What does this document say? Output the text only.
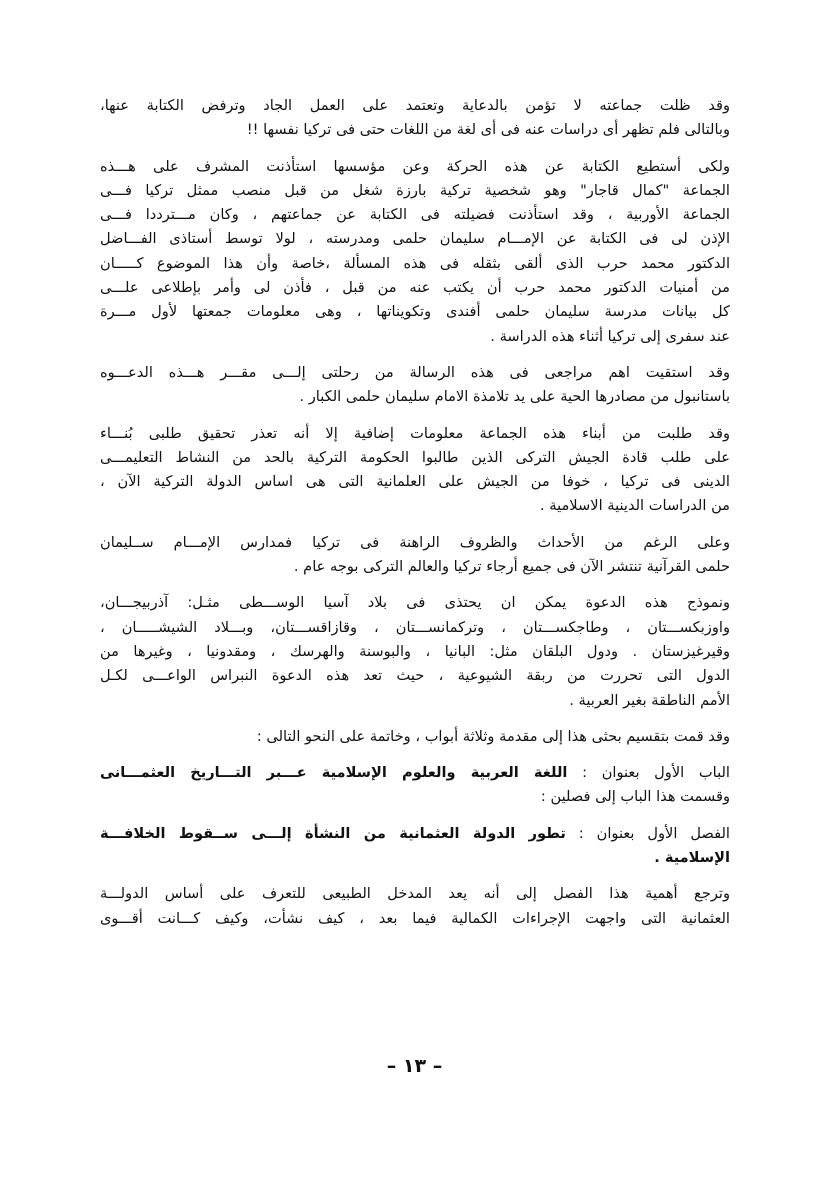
وقد ظلت جماعته لا تؤمن بالدعاية وتعتمد على العمل الجاد وترفض الكتابة عنها،
وبالتالى فلم تظهر أى دراسات عنه فى أى لغة من اللغات حتى فى تركيا نفسها !!

ولكى أستطيع الكتابة عن هذه الحركة وعن مؤسسها استأذنت المشرف على هـــذه
الجماعة "كمال قاجار" وهو شخصية تركية بارزة شغل من قبل منصب ممثل تركيا فـــى
الجماعة الأوربية ، وقد استأذنت فضيلته فى الكتابة عن جماعتهم ، وكان مـــترددا فـــى
الإذن لى فى الكتابة عن الإمـــام سليمان حلمى ومدرسته ، لولا توسط أستاذى الفـــاضل
الدكتور محمد حرب الذى ألقى بثقله فى هذه المسألة ،خاصة وأن هذا الموضوع كـــــان
من أمنيات الدكتور محمد حرب أن يكتب عنه من قبل ، فأذن لى وأمر بإطلاعى علـــى
كل بيانات مدرسة سليمان حلمى أفندى وتكويناتها ، وهى معلومات جمعتها لأول مـــرة
عند سفرى إلى تركيا أثناء هذه الدراسة .

وقد استقيت اهم مراجعى فى هذه الرسالة من رحلتى إلـــى مقـــر هـــذه الدعـــوه
باستانبول من مصادرها الحية على يد تلامذة الامام سليمان حلمى الكبار .

وقد طلبت من أبناء هذه الجماعة معلومات إضافية إلا أنه تعذر تحقيق طلبى بُنـــاء
على طلب قادة الجيش التركى الذين طالبوا الحكومة التركية بالحد من النشاط التعليمـــى
الدينى فى تركيا ، خوفا من الجيش على العلمانية التى هى اساس الدولة التركية الآن ،
من الدراسات الدينية الاسلامية .

وعلى الرغم من الأحداث والظروف الراهنة فى تركيا فمدارس الإمـــام ســليمان
حلمى القرآنية تنتشر الآن فى جميع أرجاء تركيا والعالم التركى بوجه عام .

ونموذج هذه الدعوة يمكن ان يحتذى فى بلاد آسيا الوســـطى مثـل: آذربيجـــان،
واوزبكســـتان ، وطاجكســـتان ، وتركمانســـتان ، وقازاقســـتان، وبـــلاد الشيشـــــان ،
وقيرغيزستان . ودول البلقان مثل: البانيا ، والبوسنة والهرسك ، ومقدونيا ، وغيرها من
الدول التى تحررت من ربقة الشيوعية ، حيث تعد هذه الدعوة النبراس الواعـــى لكـل
الأمم الناطقة بغير العربية .

وقد قمت بتقسيم بحثى هذا إلى مقدمة وثلاثة أبواب ، وخاتمة على النحو التالى :

الباب الأول بعنوان : اللغة العربية والعلوم الإسلامية عـــبر التـــاريخ العثمـــانى
وقسمت هذا الباب إلى فصلين :

الفصل الأول بعنوان : تطور الدولة العثمانية من النشأة إلـــى ســقوط الخلافـــة
الإسلامية .

وترجع أهمية هذا الفصل إلى أنه يعد المدخل الطبيعى للتعرف على أساس الدولـــة
العثمانية التى واجهت الإجراءات الكمالية فيما بعد ، كيف نشأت، وكيف كـــانت أقـــوى

– ١٣ –
